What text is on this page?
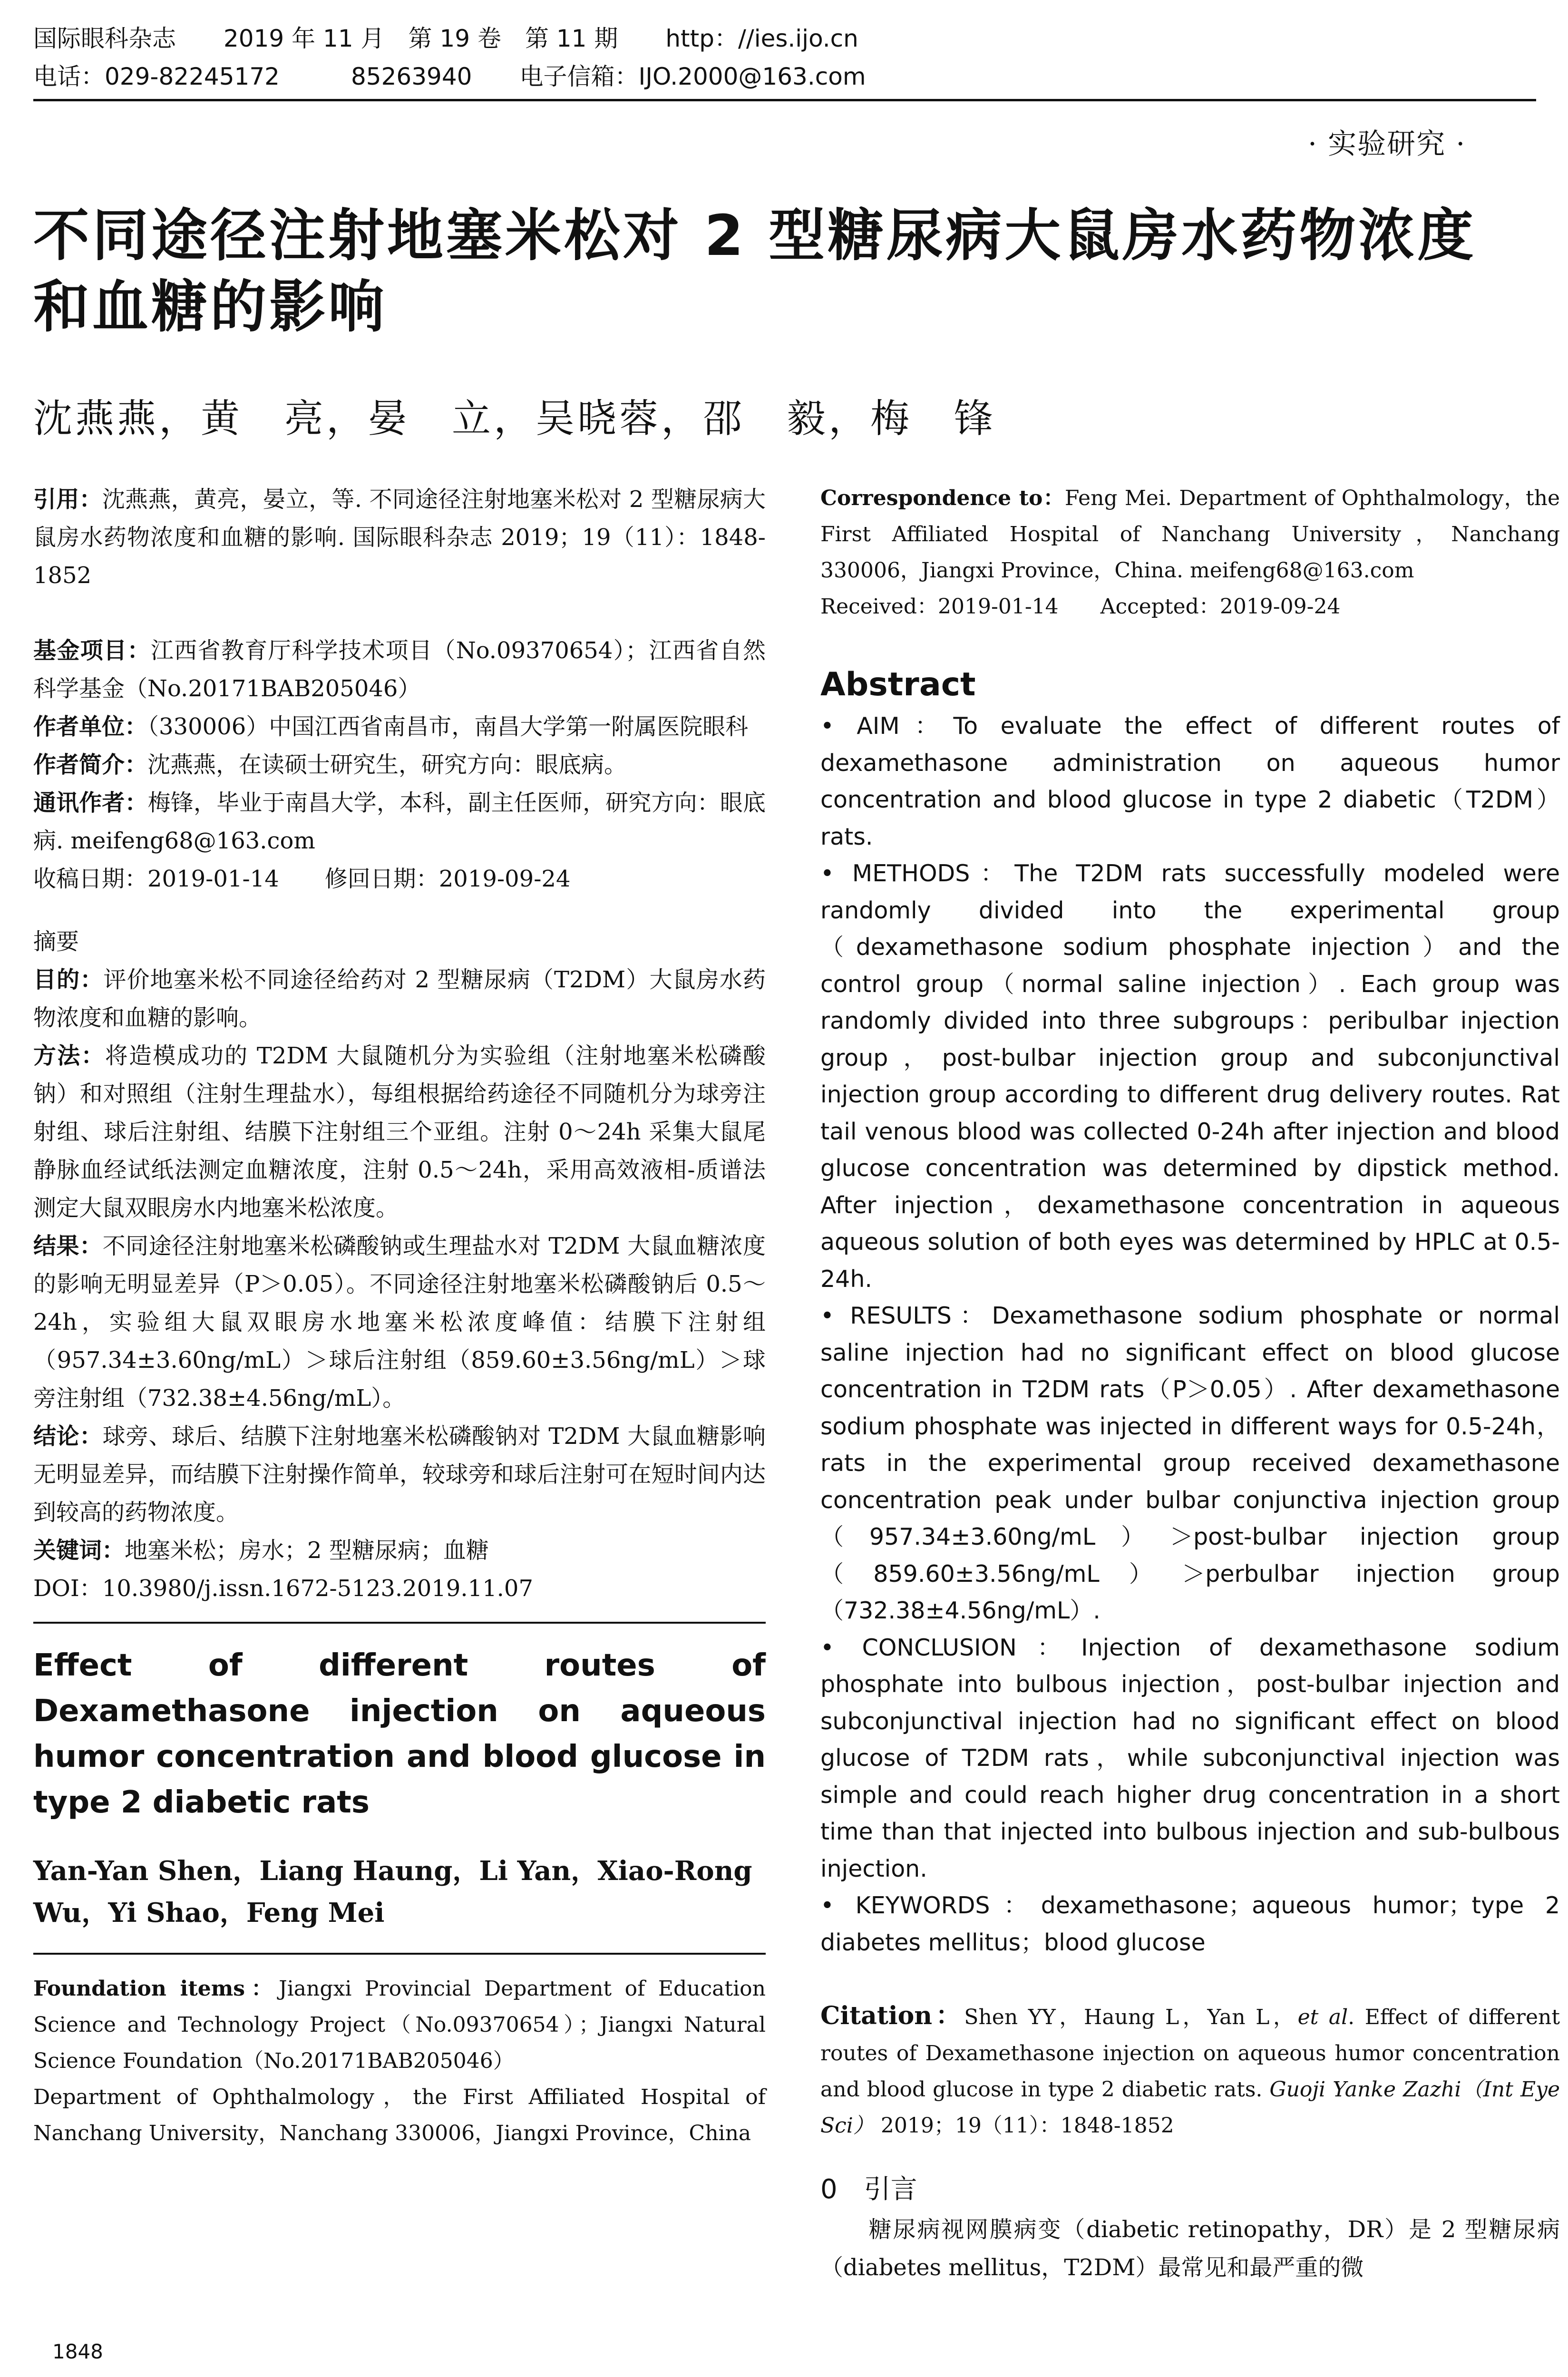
国际眼科杂志　　2019 年 11 月　第 19 卷　第 11 期　　http：//ies.ijo.cn
电话：029-82245172　　　85263940　　电子信箱：IJO.2000@163.com
· 实验研究 ·
不同途径注射地塞米松对 2 型糖尿病大鼠房水药物浓度
和血糖的影响
沈燕燕，黄　亮，晏　立，吴晓蓉，邵　毅，梅　锋

引用：沈燕燕，黄亮，晏立，等. 不同途径注射地塞米松对 2 型糖尿病大鼠房水药物浓度和血糖的影响. 国际眼科杂志 2019；19（11）：1848-1852

基金项目：江西省教育厅科学技术项目（No.09370654）；江西省自然科学基金（No.20171BAB205046）

作者单位：（330006）中国江西省南昌市，南昌大学第一附属医院眼科

作者简介：沈燕燕，在读硕士研究生，研究方向：眼底病。

通讯作者：梅锋，毕业于南昌大学，本科，副主任医师，研究方向：眼底病. meifeng68@163.com

收稿日期：2019-01-14　　修回日期：2019-09-24

摘要

目的：评价地塞米松不同途径给药对 2 型糖尿病（T2DM）大鼠房水药物浓度和血糖的影响。

方法：将造模成功的 T2DM 大鼠随机分为实验组（注射地塞米松磷酸钠）和对照组（注射生理盐水），每组根据给药途径不同随机分为球旁注射组、球后注射组、结膜下注射组三个亚组。注射 0～24h 采集大鼠尾静脉血经试纸法测定血糖浓度，注射 0.5～24h，采用高效液相-质谱法测定大鼠双眼房水内地塞米松浓度。

结果：不同途径注射地塞米松磷酸钠或生理盐水对 T2DM 大鼠血糖浓度的影响无明显差异（P＞0.05）。不同途径注射地塞米松磷酸钠后 0.5～24h，实验组大鼠双眼房水地塞米松浓度峰值：结膜下注射组（957.34±3.60ng/mL）＞球后注射组（859.60±3.56ng/mL）＞球旁注射组（732.38±4.56ng/mL）。

结论：球旁、球后、结膜下注射地塞米松磷酸钠对 T2DM 大鼠血糖影响无明显差异，而结膜下注射操作简单，较球旁和球后注射可在短时间内达到较高的药物浓度。

关键词：地塞米松；房水；2 型糖尿病；血糖

DOI：10.3980/j.issn.1672-5123.2019.11.07

Effect of different routes of Dexamethasone injection on aqueous humor concentration and blood glucose in type 2 diabetic rats

Yan-Yan Shen，Liang Haung，Li Yan，Xiao-Rong Wu，Yi Shao，Feng Mei

Foundation items：Jiangxi Provincial Department of Education Science and Technology Project（No.09370654）；Jiangxi Natural Science Foundation（No.20171BAB205046）

Department of Ophthalmology，the First Affiliated Hospital of Nanchang University，Nanchang 330006，Jiangxi Province，China

Correspondence to：Feng Mei. Department of Ophthalmology，the First Affiliated Hospital of Nanchang University，Nanchang 330006，Jiangxi Province，China. meifeng68@163.com

Received：2019-01-14　　Accepted：2019-09-24

Abstract

• AIM：To evaluate the effect of different routes of dexamethasone administration on aqueous humor concentration and blood glucose in type 2 diabetic（T2DM）rats.

• METHODS：The T2DM rats successfully modeled were randomly divided into the experimental group（dexamethasone sodium phosphate injection）and the control group（normal saline injection）. Each group was randomly divided into three subgroups：peribulbar injection group，post-bulbar injection group and subconjunctival injection group according to different drug delivery routes. Rat tail venous blood was collected 0-24h after injection and blood glucose concentration was determined by dipstick method. After injection，dexamethasone concentration in aqueous aqueous solution of both eyes was determined by HPLC at 0.5-24h.

• RESULTS：Dexamethasone sodium phosphate or normal saline injection had no significant effect on blood glucose concentration in T2DM rats（P＞0.05）. After dexamethasone sodium phosphate was injected in different ways for 0.5-24h，rats in the experimental group received dexamethasone concentration peak under bulbar conjunctiva injection group（957.34±3.60ng/mL）＞post-bulbar injection group（859.60±3.56ng/mL）＞perbulbar injection group（732.38±4.56ng/mL）.

• CONCLUSION：Injection of dexamethasone sodium phosphate into bulbous injection，post-bulbar injection and subconjunctival injection had no significant effect on blood glucose of T2DM rats，while subconjunctival injection was simple and could reach higher drug concentration in a short time than that injected into bulbous injection and sub-bulbous injection.

• KEYWORDS：dexamethasone；aqueous humor；type 2 diabetes mellitus；blood glucose

Citation：Shen YY，Haung L，Yan L，et al. Effect of different routes of Dexamethasone injection on aqueous humor concentration and blood glucose in type 2 diabetic rats. Guoji Yanke Zazhi（Int Eye Sci） 2019；19（11）：1848-1852

0　引言

　　糖尿病视网膜病变（diabetic retinopathy，DR）是 2 型糖尿病（diabetes mellitus，T2DM）最常见和最严重的微

1848
